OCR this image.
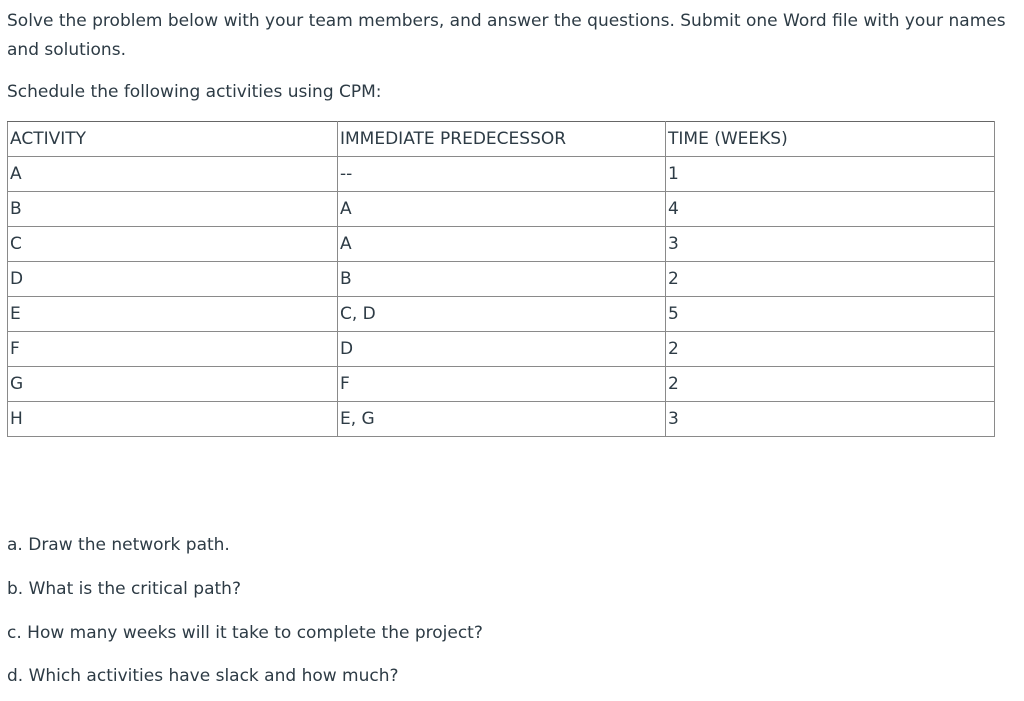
Solve the problem below with your team members, and answer the questions. Submit one Word file with your names and solutions.

Schedule the following activities using CPM:

ACTIVITY	IMMEDIATE PREDECESSOR	TIME (WEEKS)
A	--	1
B	A	4
C	A	3
D	B	2
E	C, D	5
F	D	2
G	F	2
H	E, G	3

a. Draw the network path.

b. What is the critical path?

c. How many weeks will it take to complete the project?

d. Which activities have slack and how much?
